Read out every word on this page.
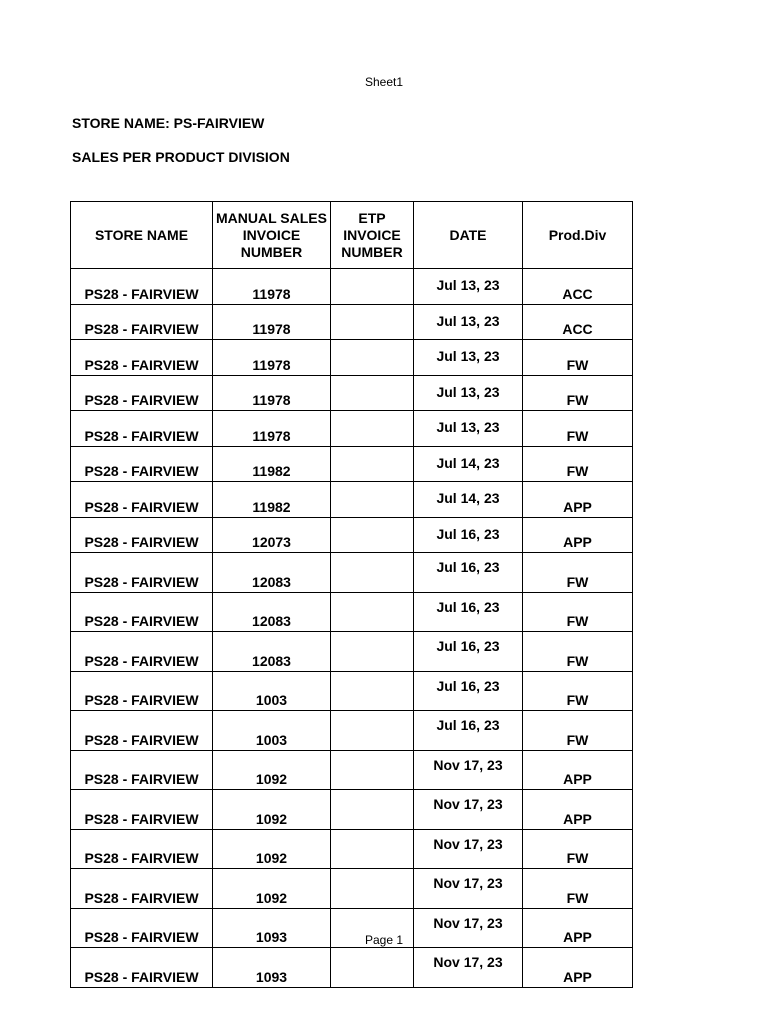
Sheet1
STORE NAME: PS-FAIRVIEW
SALES PER PRODUCT DIVISION
STORE NAME	MANUAL SALES INVOICE NUMBER	ETP INVOICE NUMBER	DATE	Prod.Div
PS28 - FAIRVIEW	11978		Jul 13, 23	ACC
PS28 - FAIRVIEW	11978		Jul 13, 23	ACC
PS28 - FAIRVIEW	11978		Jul 13, 23	FW
PS28 - FAIRVIEW	11978		Jul 13, 23	FW
PS28 - FAIRVIEW	11978		Jul 13, 23	FW
PS28 - FAIRVIEW	11982		Jul 14, 23	FW
PS28 - FAIRVIEW	11982		Jul 14, 23	APP
PS28 - FAIRVIEW	12073		Jul 16, 23	APP
PS28 - FAIRVIEW	12083		Jul 16, 23	FW
PS28 - FAIRVIEW	12083		Jul 16, 23	FW
PS28 - FAIRVIEW	12083		Jul 16, 23	FW
PS28 - FAIRVIEW	1003		Jul 16, 23	FW
PS28 - FAIRVIEW	1003		Jul 16, 23	FW
PS28 - FAIRVIEW	1092		Nov 17, 23	APP
PS28 - FAIRVIEW	1092		Nov 17, 23	APP
PS28 - FAIRVIEW	1092		Nov 17, 23	FW
PS28 - FAIRVIEW	1092		Nov 17, 23	FW
PS28 - FAIRVIEW	1093		Nov 17, 23	APP
PS28 - FAIRVIEW	1093		Nov 17, 23	APP
Page 1
